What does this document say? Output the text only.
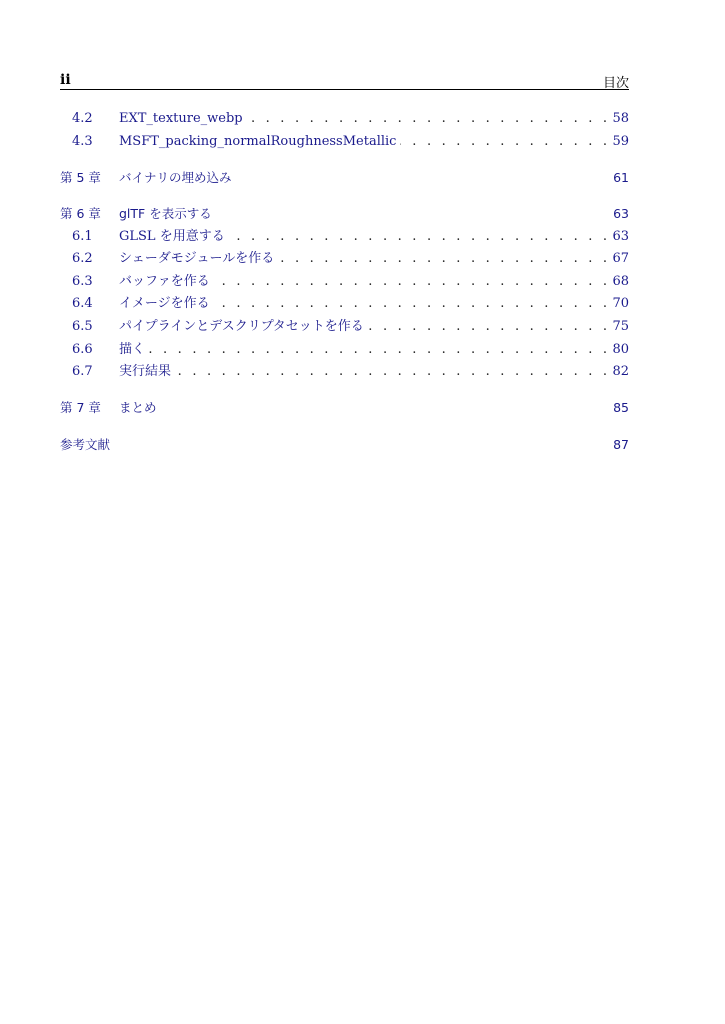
ii	目次
4.2 . . . EXT_texture_webp	58
4.3 . . . MSFT_packing_normalRoughnessMetallic	59
第 5 章 バイナリの埋め込み	61
第 6 章 glTF を表示する	63
6.1 . . . GLSL を用意する	63
6.2 . . . シェーダモジュールを作る	67
6.3 . . . バッファを作る	68
6.4 . . . イメージを作る	70
6.5 . . . パイプラインとデスクリプタセットを作る	75
6.6 . . . 描く	80
6.7 . . . 実行結果	82
第 7 章 まとめ	85
参考文献	87
